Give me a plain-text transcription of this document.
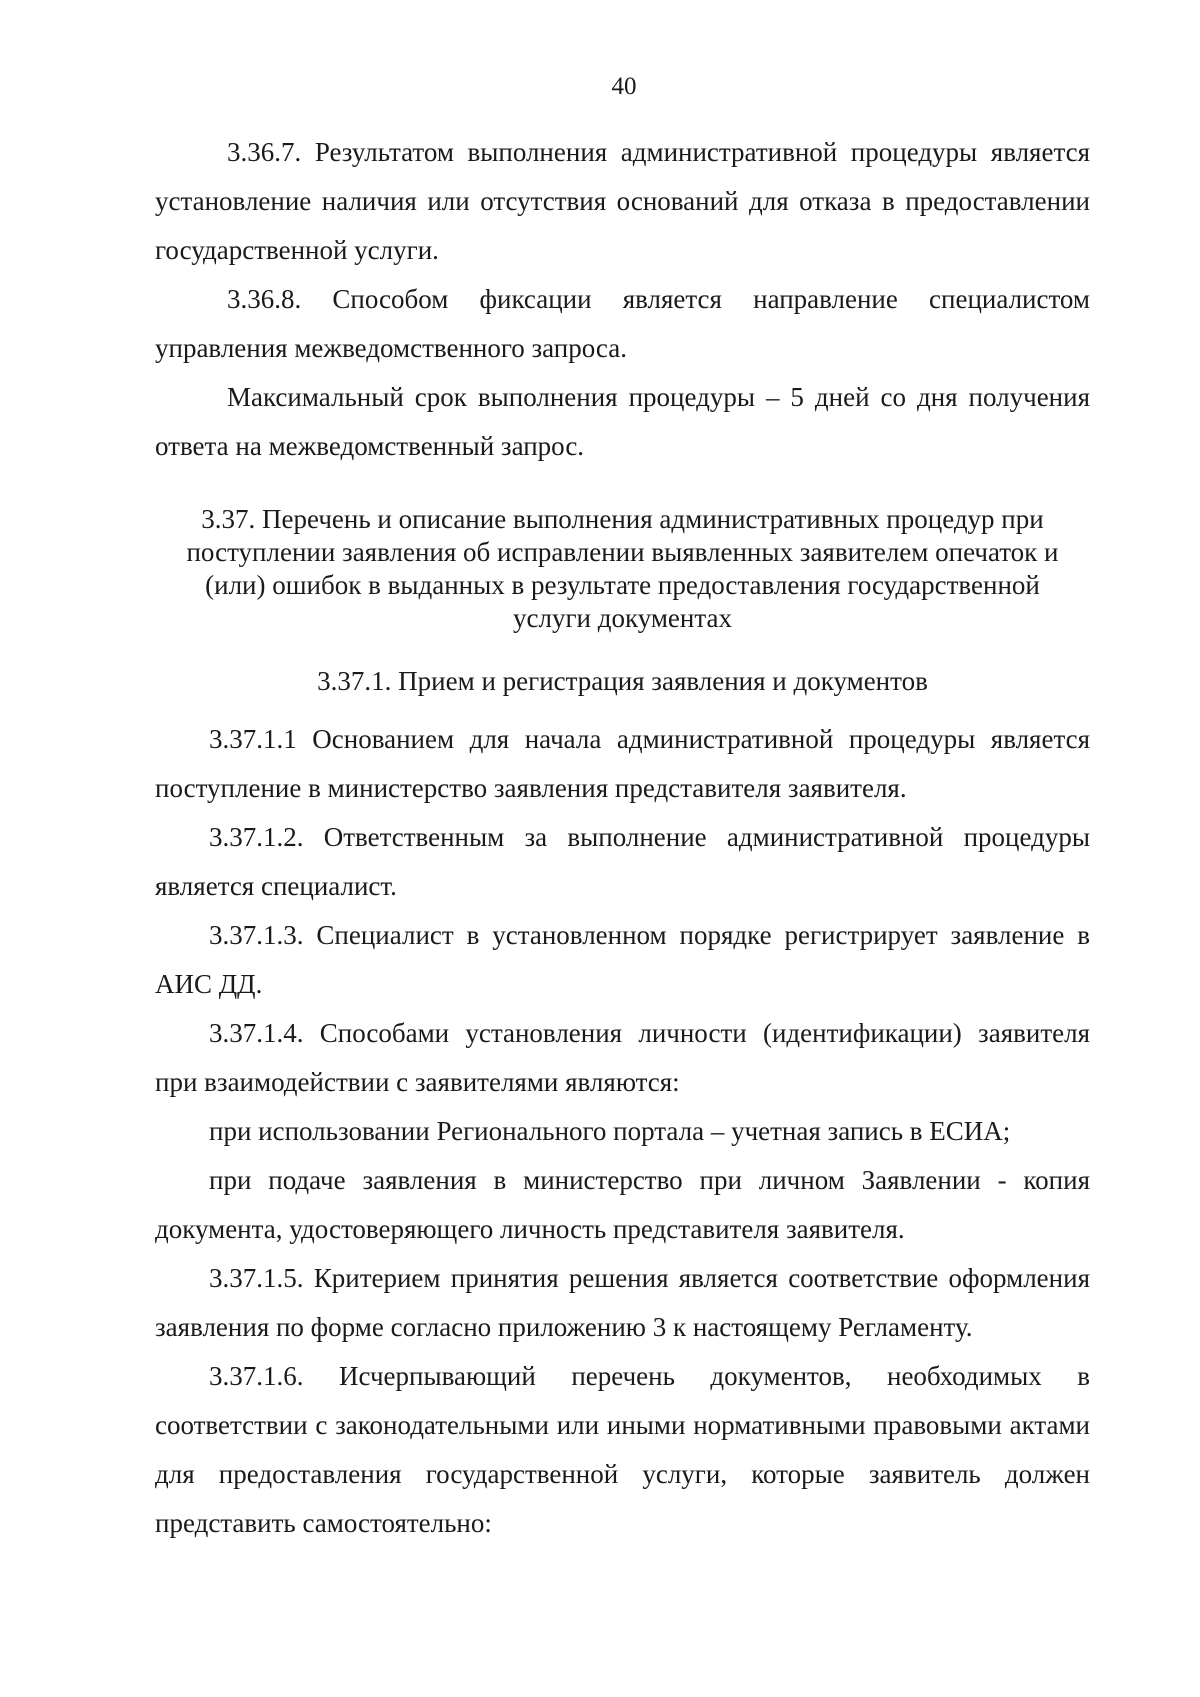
40

3.36.7. Результатом выполнения административной процедуры является установление наличия или отсутствия оснований для отказа в предоставлении государственной услуги.

3.36.8. Способом фиксации является направление специалистом управления межведомственного запроса.

Максимальный срок выполнения процедуры – 5 дней со дня получения ответа на межведомственный запрос.

3.37. Перечень и описание выполнения административных процедур при

поступлении заявления об исправлении выявленных заявителем опечаток и

(или) ошибок в выданных в результате предоставления государственной

услуги документах

3.37.1. Прием и регистрация заявления и документов

3.37.1.1 Основанием для начала административной процедуры является поступление в министерство заявления представителя заявителя.

3.37.1.2. Ответственным за выполнение административной процедуры является специалист.

3.37.1.3. Специалист в установленном порядке регистрирует заявление в АИС ДД.

3.37.1.4. Способами установления личности (идентификации) заявителя при взаимодействии с заявителями являются:

при использовании Регионального портала – учетная запись в ЕСИА;

при подаче заявления в министерство при личном Заявлении - копия документа, удостоверяющего личность представителя заявителя.

3.37.1.5. Критерием принятия решения является соответствие оформления заявления по форме согласно приложению 3 к настоящему Регламенту.

3.37.1.6. Исчерпывающий перечень документов, необходимых в соответствии с законодательными или иными нормативными правовыми актами для предоставления государственной услуги, которые заявитель должен представить самостоятельно:
